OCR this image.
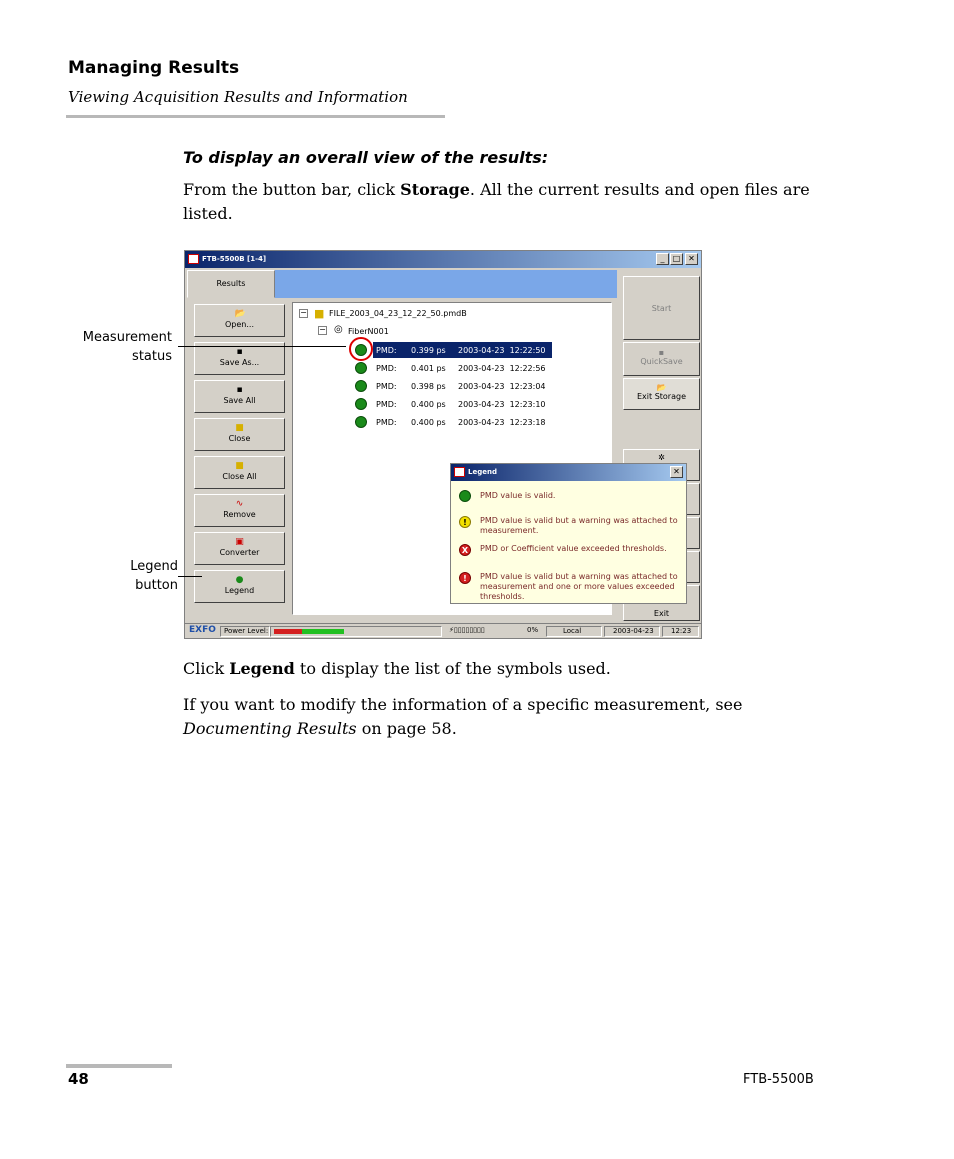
Managing Results
Viewing Acquisition Results and Information
To display an overall view of the results:
From the button bar, click Storage. All the current results and open files are listed.
FTB-5500B [1-4]	_	□ ✕
Results
📂
Open...
▪
Save As...
▪
Save All
■
Close
■
Close All
∿
Remove
▣
Converter
●
Legend
− ■ FILE_2003_04_23_12_22_50.pmdB
− ◎ FiberN001
PMD: 0.399 ps 2003-04-23  12:22:50
PMD: 0.401 ps 2003-04-23  12:22:56
PMD: 0.398 ps 2003-04-23  12:23:04
PMD: 0.400 ps 2003-04-23  12:23:10
PMD: 0.400 ps 2003-04-23  12:23:18
Start
▪
QuickSave
📂
Exit Storage
✲
Exit
Legend	✕
PMD value is valid.
!	PMD value is valid but a warning was attached to measurement.
X	PMD or Coefficient value exceeded thresholds.
!	PMD value is valid but a warning was attached to measurement and one or more values exceeded thresholds.
EXFO	Power Level:	⚡▯▯▯▯▯▯▯▯	0%	Local	2003-04-23	12:23
Measurement
status
Legend
button
Click Legend to display the list of the symbols used.
If you want to modify the information of a specific measurement, see Documenting Results on page 58.
48	FTB-5500B
